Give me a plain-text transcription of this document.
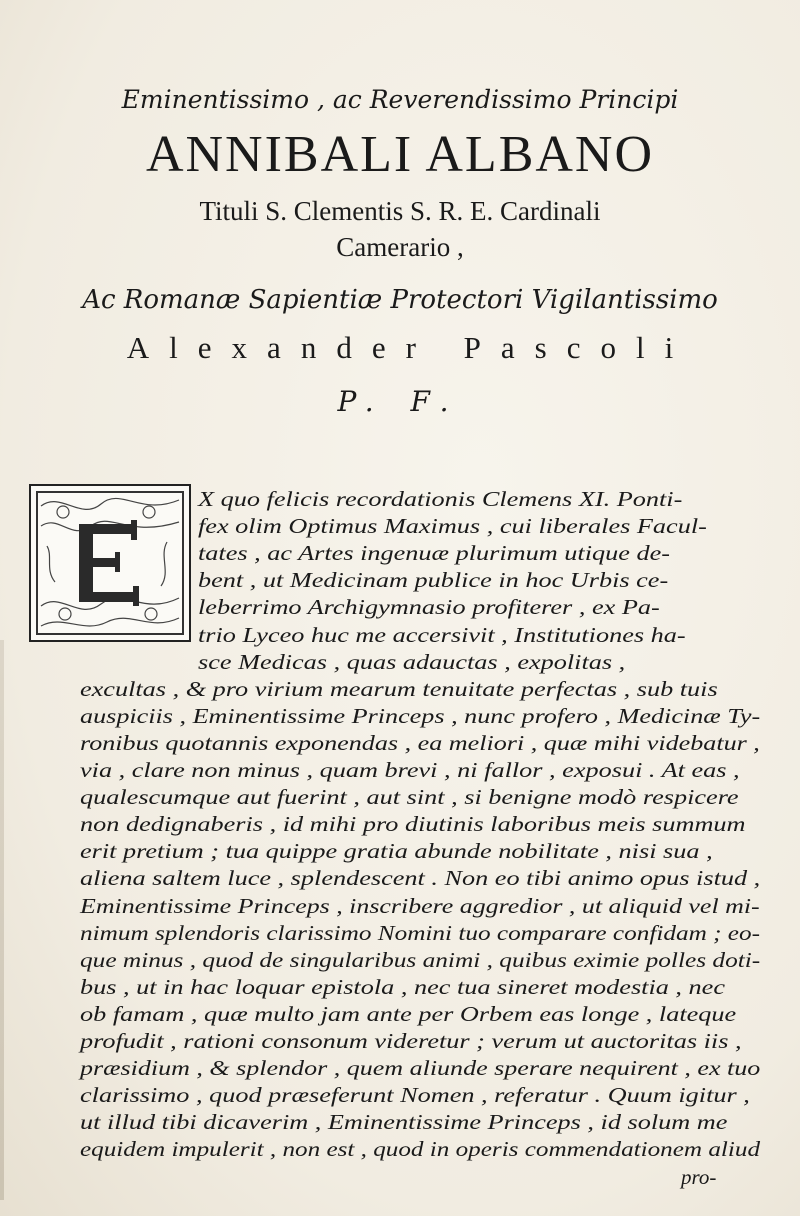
Eminentissimo , ac Reverendissimo Principi
ANNIBALI ALBANO
Tituli S. Clementis S. R. E. Cardinali
Camerario ,
Ac Romanæ Sapientiæ Protectori Vigilantissimo
Alexander Pascoli
P. F.
X quo felicis recordationis Clemens XI. Ponti-
fex olim Optimus Maximus , cui liberales Facul-
tates , ac Artes ingenuæ plurimum utique de-
bent , ut Medicinam publice in hoc Urbis ce-
leberrimo Archigymnasio profiterer , ex Pa-
trio Lyceo huc me accersivit , Institutiones ha-
sce Medicas , quas adauctas , expolitas ,
excultas , & pro virium mearum tenuitate perfectas , sub tuis
auspiciis , Eminentissime Princeps , nunc profero , Medicinæ Ty-
ronibus quotannis exponendas , ea meliori , quæ mihi videbatur ,
via , clare non minus , quam brevi , ni fallor , exposui . At eas ,
qualescumque aut fuerint , aut sint , si benigne modò respicere
non dedignaberis , id mihi pro diutinis laboribus meis summum
erit pretium ; tua quippe gratia abunde nobilitate , nisi sua ,
aliena saltem luce , splendescent . Non eo tibi animo opus istud ,
Eminentissime Princeps , inscribere aggredior , ut aliquid vel mi-
nimum splendoris clarissimo Nomini tuo comparare confidam ; eo-
que minus , quod de singularibus animi , quibus eximie polles doti-
bus , ut in hac loquar epistola , nec tua sineret modestia , nec
ob famam , quæ multo jam ante per Orbem eas longe , lateque
profudit , rationi consonum videretur ; verum ut auctoritas iis ,
præsidium , & splendor , quem aliunde sperare nequirent , ex tuo
clarissimo , quod præseferunt Nomen , referatur . Quum igitur ,
ut illud tibi dicaverim , Eminentissime Princeps , id solum me
equidem impulerit , non est , quod in operis commendationem aliud
pro-
